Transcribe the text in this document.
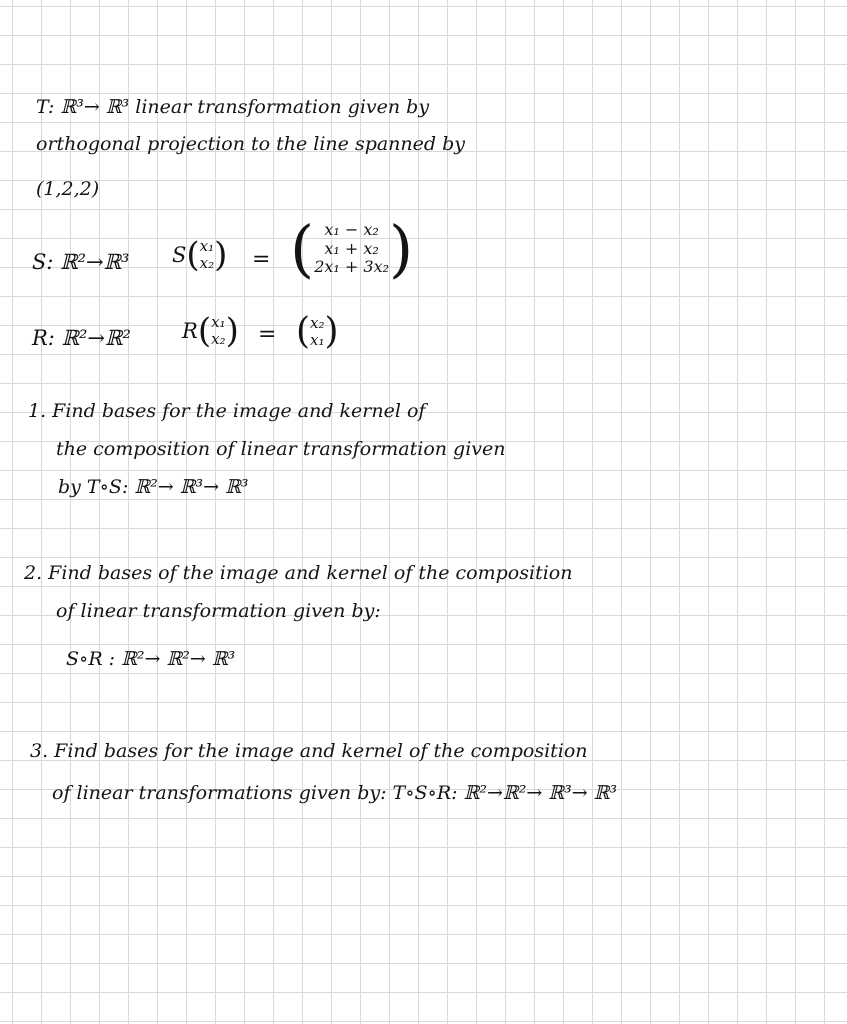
T: ℝ³→ ℝ³ linear transformation given by
orthogonal projection to the line spanned by
(1,2,2)
S: ℝ²→ℝ³ S ( x₁
x₂ ) = ( x₁ − x₂
x₁ + x₂
2x₁ + 3x₂ )
R: ℝ²→ℝ² R ( x₁
x₂ ) = ( x₂
x₁ )
1. Find bases for the image and kernel of
the composition of linear transformation given
by T∘S: ℝ²→ ℝ³→ ℝ³
2. Find bases of the image and kernel of the composition
of linear transformation given by:
S∘R : ℝ²→ ℝ²→ ℝ³
3. Find bases for the image and kernel of the composition
of linear transformations given by: T∘S∘R: ℝ²→ℝ²→ ℝ³→ ℝ³
